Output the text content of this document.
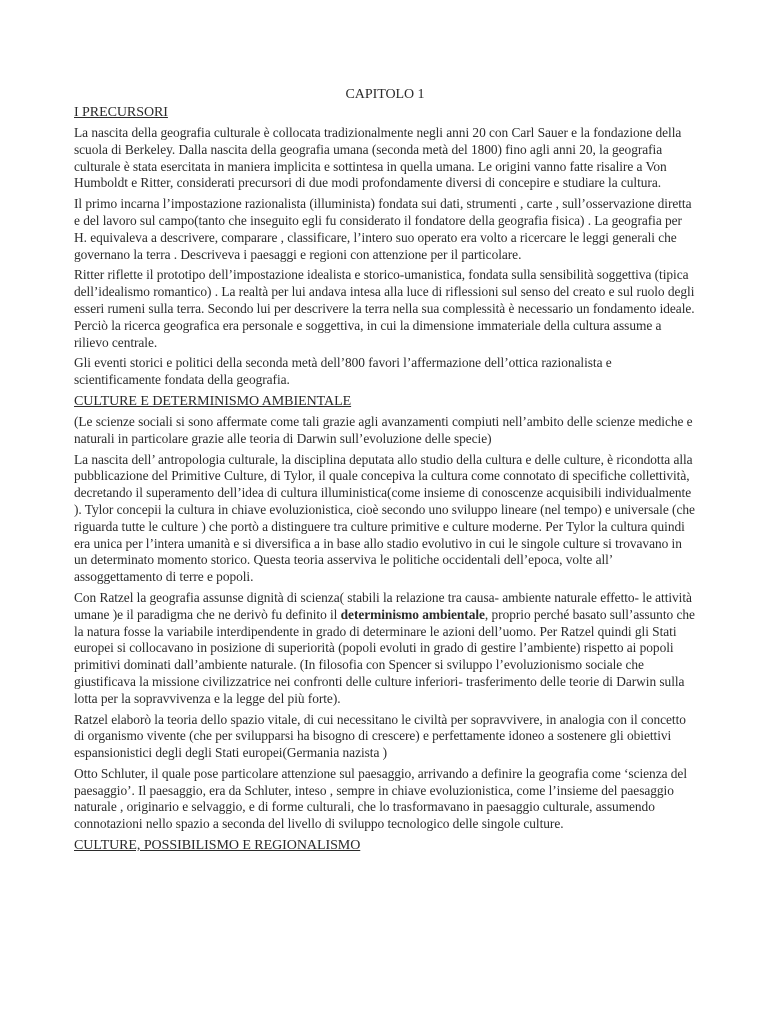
CAPITOLO 1
I PRECURSORI

La nascita della geografia culturale è collocata tradizionalmente negli anni 20 con Carl Sauer e la fondazione della scuola di Berkeley. Dalla nascita della geografia umana (seconda metà del 1800) fino agli anni 20, la geografia culturale è stata esercitata in maniera implicita e sottintesa in quella umana. Le origini vanno fatte risalire a Von Humboldt e Ritter, considerati precursori di due modi profondamente diversi di concepire e studiare la cultura.

Il primo incarna l’impostazione razionalista (illuminista) fondata sui dati, strumenti , carte , sull’osservazione diretta e del lavoro sul campo(tanto che inseguito egli fu considerato il fondatore della geografia fisica) . La geografia per H. equivaleva a descrivere, comparare , classificare, l’intero suo operato era volto a ricercare le leggi generali che governano la terra . Descriveva i paesaggi e regioni con attenzione per il particolare.

Ritter riflette il prototipo dell’impostazione idealista e storico-umanistica, fondata sulla sensibilità soggettiva (tipica dell’idealismo romantico) . La realtà per lui andava intesa alla luce di riflessioni sul senso del creato e sul ruolo degli esseri rumeni sulla terra. Secondo lui per descrivere la terra nella sua complessità è necessario un fondamento ideale. Perciò la ricerca geografica era personale e soggettiva, in cui la dimensione immateriale della cultura assume a rilievo centrale.

Gli eventi storici e politici della seconda metà dell’800 favori l’affermazione dell’ottica razionalista e scientificamente fondata della geografia.

CULTURE E DETERMINISMO AMBIENTALE

(Le scienze sociali si sono affermate come tali grazie agli avanzamenti compiuti nell’ambito delle scienze mediche e naturali in particolare grazie alle teoria di Darwin sull’evoluzione delle specie)

La nascita dell’ antropologia culturale, la disciplina deputata allo studio della cultura e delle culture, è ricondotta alla pubblicazione del Primitive Culture, di Tylor, il quale concepiva la cultura come connotato di specifiche collettività, decretando il superamento dell’idea di cultura illuministica(come insieme di conoscenze acquisibili individualmente ). Tylor concepii la cultura in chiave evoluzionistica, cioè secondo uno sviluppo lineare (nel tempo) e universale (che riguarda tutte le culture ) che portò a distinguere tra culture primitive e culture moderne. Per Tylor la cultura quindi era unica per l’intera umanità e si diversifica a in base allo stadio evolutivo in cui le singole culture si trovavano in un determinato momento storico. Questa teoria asserviva le politiche occidentali dell’epoca, volte all’ assoggettamento di terre e popoli.

Con Ratzel la geografia assunse dignità di scienza( stabili la relazione tra causa- ambiente naturale effetto- le attività umane )e il paradigma che ne derivò fu definito il determinismo ambientale, proprio perché basato sull’assunto che la natura fosse la variabile interdipendente in grado di determinare le azioni dell’uomo. Per Ratzel quindi gli Stati europei si collocavano in posizione di superiorità (popoli evoluti in grado di gestire l’ambiente) rispetto ai popoli primitivi dominati dall’ambiente naturale. (In filosofia con Spencer si sviluppo l’evoluzionismo sociale che giustificava la missione civilizzatrice nei confronti delle culture inferiori- trasferimento delle teorie di Darwin sulla lotta per la sopravvivenza e la legge del più forte).

Ratzel elaborò la teoria dello spazio vitale, di cui necessitano le civiltà per sopravvivere, in analogia con il concetto di organismo vivente (che per svilupparsi ha bisogno di crescere) e perfettamente idoneo a sostenere gli obiettivi espansionistici degli degli Stati europei(Germania nazista )

Otto Schluter, il quale pose particolare attenzione sul paesaggio, arrivando a definire la geografia come ‘scienza del paesaggio’. Il paesaggio, era da Schluter, inteso , sempre in chiave evoluzionistica, come l’insieme del paesaggio naturale , originario e selvaggio, e di forme culturali, che lo trasformavano in paesaggio culturale, assumendo connotazioni nello spazio a seconda del livello di sviluppo tecnologico delle singole culture.

CULTURE, POSSIBILISMO E REGIONALISMO
